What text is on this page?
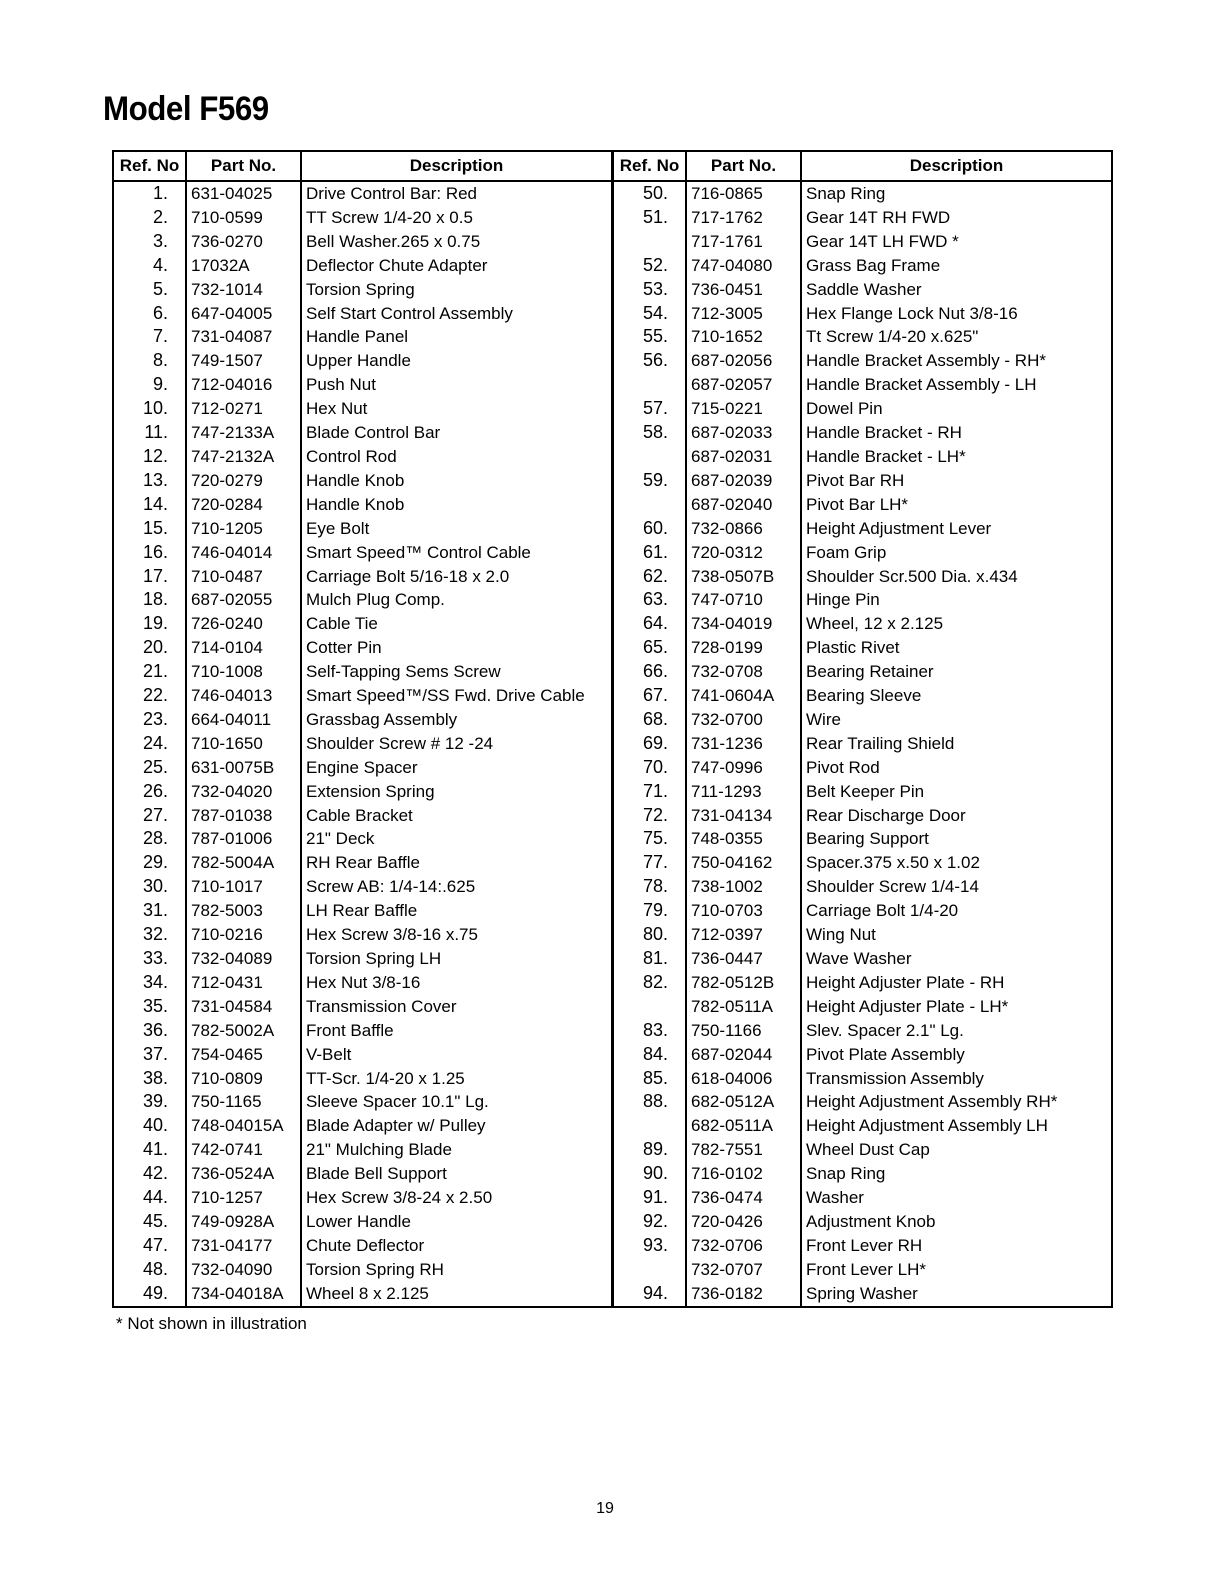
Model F569
Ref. No	Part No.	Description
1.	631-04025	Drive Control Bar: Red
2.	710-0599	TT Screw 1/4-20 x 0.5
3.	736-0270	Bell Washer.265 x 0.75
4.	17032A	Deflector Chute Adapter
5.	732-1014	Torsion Spring
6.	647-04005	Self Start Control Assembly
7.	731-04087	Handle Panel
8.	749-1507	Upper Handle
9.	712-04016	Push Nut
10.	712-0271	Hex Nut
11.	747-2133A	Blade Control Bar
12.	747-2132A	Control Rod
13.	720-0279	Handle Knob
14.	720-0284	Handle Knob
15.	710-1205	Eye Bolt
16.	746-04014	Smart Speed™ Control Cable
17.	710-0487	Carriage Bolt 5/16-18 x 2.0
18.	687-02055	Mulch Plug Comp.
19.	726-0240	Cable Tie
20.	714-0104	Cotter Pin
21.	710-1008	Self-Tapping Sems Screw
22.	746-04013	Smart Speed™/SS Fwd. Drive Cable
23.	664-04011	Grassbag Assembly
24.	710-1650	Shoulder Screw # 12 -24
25.	631-0075B	Engine Spacer
26.	732-04020	Extension Spring
27.	787-01038	Cable Bracket
28.	787-01006	21" Deck
29.	782-5004A	RH Rear Baffle
30.	710-1017	Screw AB: 1/4-14:.625
31.	782-5003	LH Rear Baffle
32.	710-0216	Hex Screw 3/8-16 x.75
33.	732-04089	Torsion Spring LH
34.	712-0431	Hex Nut 3/8-16
35.	731-04584	Transmission Cover
36.	782-5002A	Front Baffle
37.	754-0465	V-Belt
38.	710-0809	TT-Scr. 1/4-20 x 1.25
39.	750-1165	Sleeve Spacer 10.1" Lg.
40.	748-04015A	Blade Adapter w/ Pulley
41.	742-0741	21" Mulching Blade
42.	736-0524A	Blade Bell Support
44.	710-1257	Hex Screw 3/8-24 x 2.50
45.	749-0928A	Lower Handle
47.	731-04177	Chute Deflector
48.	732-04090	Torsion Spring RH
49.	734-04018A	Wheel 8 x 2.125
Ref. No	Part No.	Description
50.	716-0865	Snap Ring
51.	717-1762	Gear 14T RH FWD
	717-1761	Gear 14T LH FWD *
52.	747-04080	Grass Bag Frame
53.	736-0451	Saddle Washer
54.	712-3005	Hex Flange Lock Nut 3/8-16
55.	710-1652	Tt Screw 1/4-20 x.625"
56.	687-02056	Handle Bracket Assembly - RH*
	687-02057	Handle Bracket Assembly - LH
57.	715-0221	Dowel Pin
58.	687-02033	Handle Bracket - RH
	687-02031	Handle Bracket - LH*
59.	687-02039	Pivot Bar RH
	687-02040	Pivot Bar LH*
60.	732-0866	Height Adjustment Lever
61.	720-0312	Foam Grip
62.	738-0507B	Shoulder Scr.500 Dia. x.434
63.	747-0710	Hinge Pin
64.	734-04019	Wheel, 12 x 2.125
65.	728-0199	Plastic Rivet
66.	732-0708	Bearing Retainer
67.	741-0604A	Bearing Sleeve
68.	732-0700	Wire
69.	731-1236	Rear Trailing Shield
70.	747-0996	Pivot Rod
71.	711-1293	Belt Keeper Pin
72.	731-04134	Rear Discharge Door
75.	748-0355	Bearing Support
77.	750-04162	Spacer.375 x.50 x 1.02
78.	738-1002	Shoulder Screw 1/4-14
79.	710-0703	Carriage Bolt 1/4-20
80.	712-0397	Wing Nut
81.	736-0447	Wave Washer
82.	782-0512B	Height Adjuster Plate - RH
	782-0511A	Height Adjuster Plate - LH*
83.	750-1166	Slev. Spacer 2.1" Lg.
84.	687-02044	Pivot Plate Assembly
85.	618-04006	Transmission Assembly
88.	682-0512A	Height Adjustment Assembly RH*
	682-0511A	Height Adjustment Assembly LH
89.	782-7551	Wheel Dust Cap
90.	716-0102	Snap Ring
91.	736-0474	Washer
92.	720-0426	Adjustment Knob
93.	732-0706	Front Lever RH
	732-0707	Front Lever LH*
94.	736-0182	Spring Washer
* Not shown in illustration
19
